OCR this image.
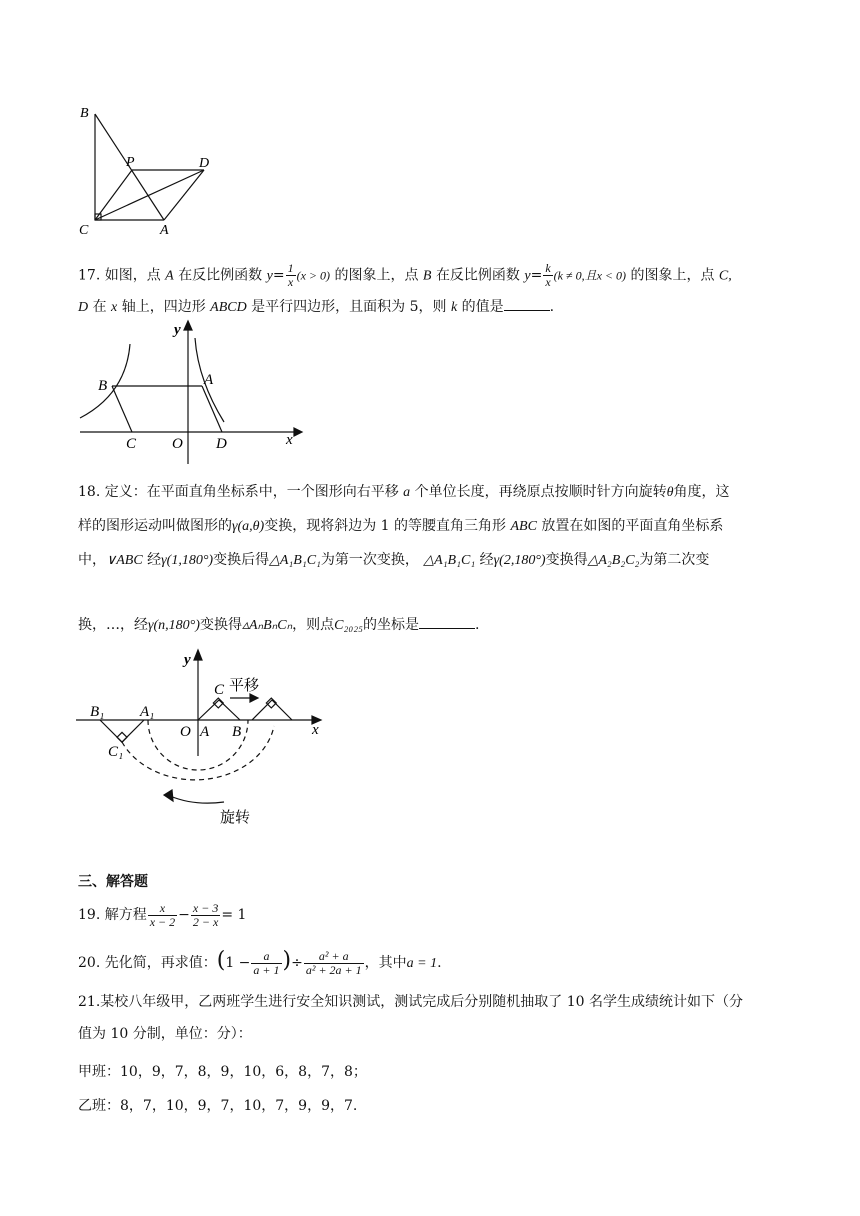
B
P	D
C	A
17. 如图，点 A 在反比例函数 $y= \frac{1}{x} (x > 0)$ 的图象上，点 B 在反比例函数 $y= \frac{k}{x} (k \ne 0$,且x < 0) 的图象上，点 C,
D 在 x 轴上，四边形 ABCD 是平行四边形，且面积为 5，则 k 的值是	.
y
x
B	A
C O D
18. 定义：在平面直角坐标系中，一个图形向右平移 a 个单位长度，再绕原点按顺时针方向旋转θ角度，这
样的图形运动叫做图形的γ(a,θ)变换，现将斜边为 1 的等腰直角三角形 ABC 放置在如图的平面直角坐标系
中，∨ABC 经γ(1,180°)变换后得△A₁B₁C₁为第一次变换， △A₁B₁C₁ 经γ(2,180°)变换得△A₂B₂C₂为第二次变
换，…，经γ(n,180°)变换得▵AₙBₙCₙ，则点C₂₀₂₅的坐标是	.
y
x
C 平移
B₁ A₁
O A B
C₁
旋转
三、解答题
19. 解方程 $\frac{x}{x - 2} - \frac{x - 3}{2 - x} = 1$
20. 先化简，再求值：($1 - \frac{a}{a + 1}$ )÷ $\frac{\text{a² + a}}{\text{a² + 2a + 1}}$ ，其中a = 1.
21.某校八年级甲，乙两班学生进行安全知识测试，测试完成后分别随机抽取了 10 名学生成绩统计如下（分
值为 10 分制，单位：分）：
甲班：10，9，7，8，9，10，6，8，7，8；
乙班：8，7，10，9，7，10，7，9，9，7.
